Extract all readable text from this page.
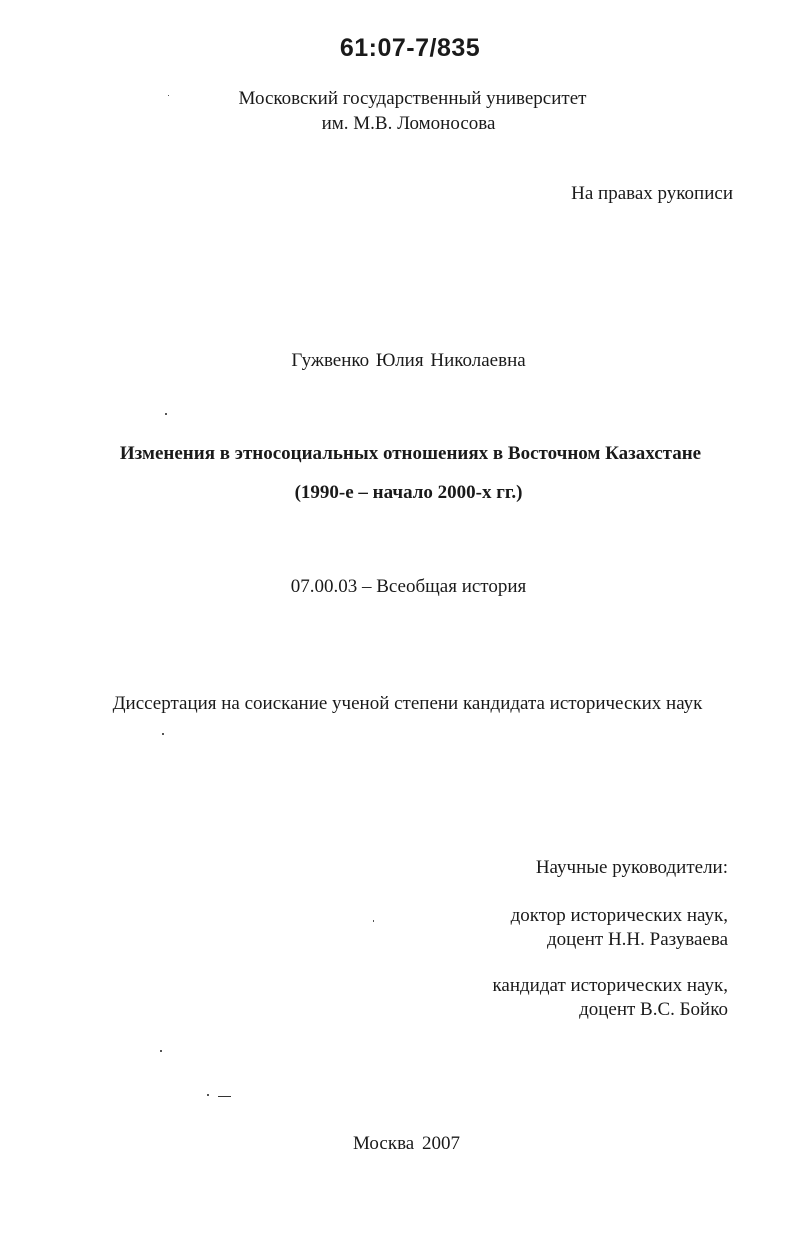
61:07-7/835
Московский государственный университет
им. М.В. Ломоносова
На правах рукописи
Гужвенко Юлия Николаевна
Изменения в этносоциальных отношениях в Восточном Казахстане
(1990-е – начало 2000-х гг.)
07.00.03 – Всеобщая история
Диссертация на соискание ученой степени кандидата исторических наук
Научные руководители:
доктор исторических наук,
доцент Н.Н. Разуваева
кандидат исторических наук,
доцент В.С. Бойко
Москва 2007
